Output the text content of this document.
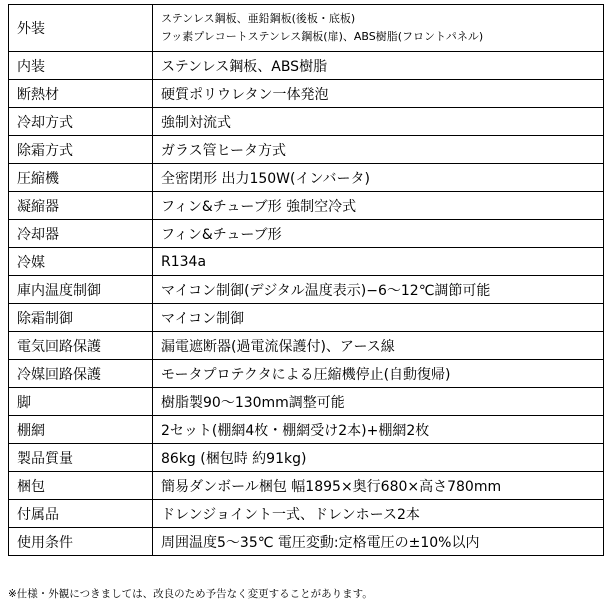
外装	ステンレス鋼板、亜鉛鋼板(後板・底板)
フッ素プレコートステンレス鋼板(扉)、ABS樹脂(フロントパネル)

内装	ステンレス鋼板、ABS樹脂
断熱材	硬質ポリウレタン一体発泡
冷却方式	強制対流式
除霜方式	ガラス管ヒータ方式
圧縮機	全密閉形 出力150W(インバータ)
凝縮器	フィン&チューブ形 強制空冷式
冷却器	フィン&チューブ形
冷媒	R134a
庫内温度制御	マイコン制御(デジタル温度表示)−6〜12℃調節可能
除霜制御	マイコン制御
電気回路保護	漏電遮断器(過電流保護付)、アース線
冷媒回路保護	モータプロテクタによる圧縮機停止(自動復帰)
脚	樹脂製90〜130mm調整可能
棚網	2セット(棚網4枚・棚網受け2本)+棚網2枚
製品質量	86kg (梱包時 約91kg)
梱包	簡易ダンボール梱包 幅1895×奥行680×高さ780mm
付属品	ドレンジョイント一式、ドレンホース2本
使用条件	周囲温度5〜35℃ 電圧変動:定格電圧の±10%以内
※仕様・外観につきましては、改良のため予告なく変更することがあります。
